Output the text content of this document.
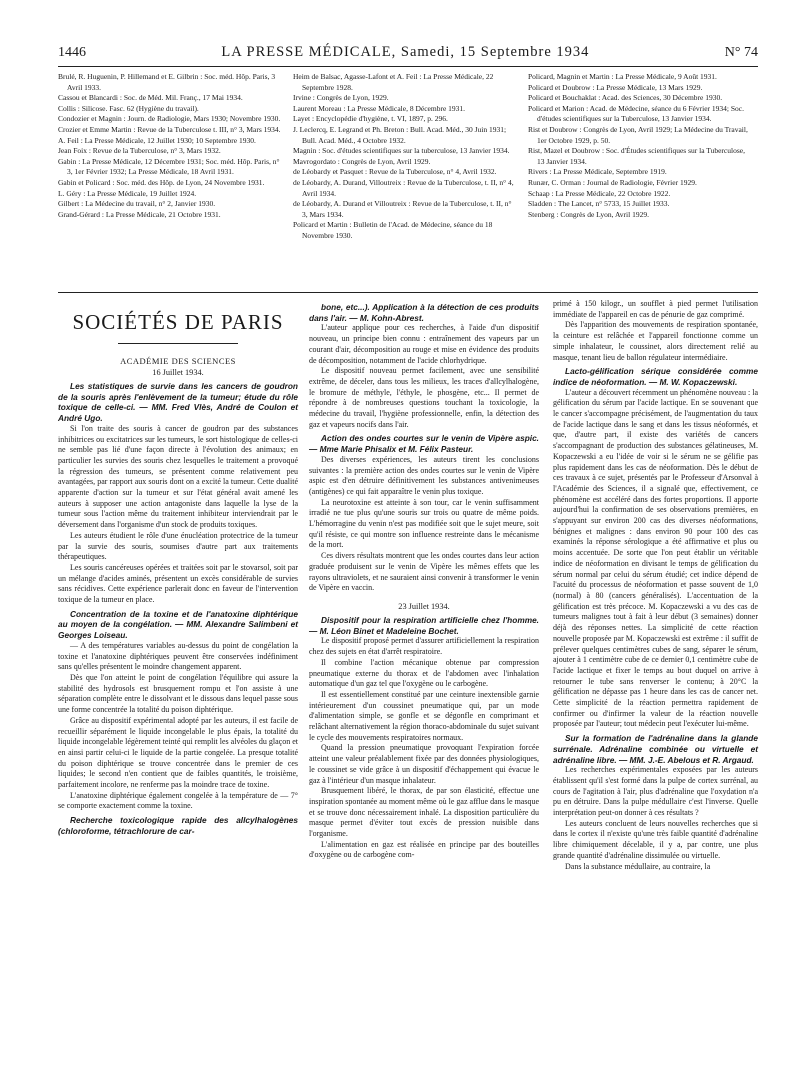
1446	LA PRESSE MÉDICALE, Samedi, 15 Septembre 1934	N° 74
Brulé, R. Huguenin, P. Hillemand et E. Gilbrin : Soc. méd. Hôp. Paris, 3 Avril 1933.
Cassou et Blancardi : Soc. de Méd. Mil. Franç., 17 Mai 1934.
Collis : Silicose. Fasc. 62 (Hygiène du travail).
Condozier et Magnin : Journ. de Radiologie, Mars 1930; Novembre 1930.
Crozier et Emme Martin : Revue de la Tuberculose t. III, n° 3, Mars 1934.
A. Feil : La Presse Médicale, 12 Juillet 1930; 10 Septembre 1930.
Jean Foix : Revue de la Tuberculose, n° 3, Mars 1932.
Gabin : La Presse Médicale, 12 Décembre 1931; Soc. méd. Hôp. Paris, n° 3, 1er Février 1932; La Presse Médicale, 18 Avril 1931.
Gabin et Policard : Soc. méd. des Hôp. de Lyon, 24 Novembre 1931.
L. Géry : La Presse Médicale, 19 Juillet 1924.
Gilbert : La Médecine du travail, n° 2, Janvier 1930.
Grand-Gérard : La Presse Médicale, 21 Octobre 1931.
Heim de Balsac, Agasse-Lafont et A. Feil : La Presse Médicale, 22 Septembre 1928.
Irvine : Congrès de Lyon, 1929.
Laurent Moreau : La Presse Médicale, 8 Décembre 1931.
Layet : Encyclopédie d'hygiène, t. VI, 1897, p. 296.
J. Leclercq, E. Legrand et Ph. Breton : Bull. Acad. Méd., 30 Juin 1931; Bull. Acad. Méd., 4 Octobre 1932.
Magnin : Soc. d'études scientifiques sur la tuberculose, 13 Janvier 1934.
Mavrogordato : Congrès de Lyon, Avril 1929.
de Léobardy et Pasquet : Revue de la Tuberculose, n° 4, Avril 1932.
de Léobardy, A. Durand, Villoutreix : Revue de la Tuberculose, t. II, n° 4, Avril 1934.
de Léobardy, A. Durand et Villoutreix : Revue de la Tuberculose, t. II, n° 3, Mars 1934.
Policard et Martin : Bulletin de l'Acad. de Médecine, séance du 18 Novembre 1930.
Policard, Magnin et Martin : La Presse Médicale, 9 Août 1931.
Policard et Doubrow : La Presse Médicale, 13 Mars 1929.
Policard et Bouchaklat : Acad. des Sciences, 30 Décembre 1930.
Policard et Marion : Acad. de Médecine, séance du 6 Février 1934; Soc. d'études scientifiques sur la Tuberculose, 13 Janvier 1934.
Rist et Doubrow : Congrès de Lyon, Avril 1929; La Médecine du Travail, 1er Octobre 1929, p. 50.
Rist, Mazel et Doubrow : Soc. d'Études scientifiques sur la Tuberculose, 13 Janvier 1934.
Rivers : La Presse Médicale, Septembre 1919.
Runær, C. Orman : Journal de Radiologie, Février 1929.
Schaap : La Presse Médicale, 22 Octobre 1922.
Sladden : The Lancet, n° 5733, 15 Juillet 1933.
Stenberg : Congrès de Lyon, Avril 1929.
SOCIÉTÉS DE PARIS
ACADÉMIE DES SCIENCES
16 Juillet 1934.

Les statistiques de survie dans les cancers de goudron de la souris après l'enlèvement de la tumeur; étude du rôle toxique de celle-ci. — MM. Fred Vlès, André de Coulon et André Ugo.

Si l'on traite des souris à cancer de goudron par des substances inhibitrices ou excitatrices sur les tumeurs, le sort histologique de celles-ci ne semble pas lié d'une façon directe à l'évolution des animaux; en particulier les survies des souris chez lesquelles le traitement a provoqué la régression des tumeurs, se présentent comme relativement peu avantagées, par rapport aux souris dont on a excité la tumeur. Cette dualité apparente d'action sur la tumeur et sur l'état général avait amené les auteurs à supposer une action antagoniste dans laquelle la lyse de la tumeur sous l'action même du traitement inhibiteur interviendrait par le déversement dans l'organisme d'un stock de produits toxiques.

Les auteurs étudient le rôle d'une énucléation protectrice de la tumeur par la survie des souris, soumises d'autre part aux traitements thérapeutiques.

Les souris cancéreuses opérées et traitées soit par le stovarsol, soit par un mélange d'acides aminés, présentent un excès considérable de survies sans récidives. Cette expérience parlerait donc en faveur de l'intervention toxique de la tumeur en place.

Concentration de la toxine et de l'anatoxine diphtérique au moyen de la congélation. — MM. Alexandre Salimbeni et Georges Loiseau.

— A des températures variables au-dessus du point de congélation la toxine et l'anatoxine diphtériques peuvent être conservées indéfiniment sans qu'elles présentent le moindre changement apparent.

Dès que l'on atteint le point de congélation l'équilibre qui assure la stabilité des hydrosols est brusquement rompu et l'on assiste à une séparation complète entre le dissolvant et le dissous dans lequel passe sous une forme concentrée la totalité du poison diphtérique.

Grâce au dispositif expérimental adopté par les auteurs, il est facile de recueillir séparément le liquide incongelable le plus épais, la totalité du liquide incongelable légèrement teinté qui remplit les alvéoles du glaçon et en ainsi partir celui-ci le liquide de la partie congelée. La presque totalité du poison diphtérique se trouve concentrée dans le premier de ces liquides; le second n'en contient que de faibles quantités, le troisième, parfaitement incolore, ne renferme pas la moindre trace de toxine.

L'anatoxine diphtérique également congelée à la température de — 7° se comporte exactement comme la toxine.

Recherche toxicologique rapide des allcylhalogènes (chloroforme, tétrachlorure de car-

bone, etc...). Application à la détection de ces produits dans l'air. — M. Kohn-Abrest.

L'auteur applique pour ces recherches, à l'aide d'un dispositif nouveau, un principe bien connu : entraînement des vapeurs par un courant d'air, décomposition au rouge et mise en évidence des produits de décomposition, notamment de l'acide chlorhydrique.

Le dispositif nouveau permet facilement, avec une sensibilité extrême, de déceler, dans tous les milieux, les traces d'allcylhalogène, le bromure de méthyle, l'éthyle, le phosgène, etc... Il permet de répondre à de nombreuses questions touchant la toxicologie, la médecine du travail, l'hygiène professionnelle, enfin, la détection des gaz et vapeurs nocifs dans l'air.

Action des ondes courtes sur le venin de Vipère aspic. — Mme Marie Phisalix et M. Félix Pasteur.

Des diverses expériences, les auteurs tirent les conclusions suivantes : la première action des ondes courtes sur le venin de Vipère aspic est d'en détruire définitivement les substances antivenimeuses (antigènes) ce qui fait apparaître le venin plus toxique.

La neurotoxine est atteinte à son tour, car le venin suffisamment irradié ne tue plus qu'une souris sur trois ou quatre de même poids. L'hémorragine du venin n'est pas modifiée soit que le sujet meure, soit qu'il résiste, ce qui montre son influence restreinte dans le mécanisme de la mort.

Ces divers résultats montrent que les ondes courtes dans leur action graduée produisent sur le venin de Vipère les mêmes effets que les rayons ultraviolets, et ne sauraient ainsi convenir à transformer le venin de Vipère en vaccin.

23 Juillet 1934.

Dispositif pour la respiration artificielle chez l'homme. — M. Léon Binet et Madeleine Bochet.

Le dispositif proposé permet d'assurer artificiellement la respiration chez des sujets en état d'arrêt respiratoire.

Il combine l'action mécanique obtenue par compression pneumatique externe du thorax et de l'abdomen avec l'inhalation automatique d'un gaz tel que l'oxygène ou le carbogène.

Il est essentiellement constitué par une ceinture inextensible garnie intérieurement d'un coussinet pneumatique qui, par un mode d'alimentation simple, se gonfle et se dégonfle en comprimant et relâchant alternativement la région thoraco-abdominale du sujet suivant le cycle des mouvements respiratoires normaux.

Quand la pression pneumatique provoquant l'expiration forcée atteint une valeur préalablement fixée par des données physiologiques, le coussinet se vide grâce à un dispositif d'échappement qui évacue le gaz à l'intérieur d'un masque inhalateur.

Brusquement libéré, le thorax, de par son élasticité, effectue une inspiration spontanée au moment même où le gaz afflue dans le masque et se trouve donc nécessairement inhalé. La disposition particulière du masque permet d'éviter tout excès de pression nuisible dans l'organisme.

L'alimentation en gaz est réalisée en principe par des bouteilles d'oxygène ou de carbogène com-

primé à 150 kilogr., un soufflet à pied permet l'utilisation immédiate de l'appareil en cas de pénurie de gaz comprimé.

Dès l'apparition des mouvements de respiration spontanée, la ceinture est relâchée et l'appareil fonctionne comme un simple inhalateur, le coussinet, alors directement relié au masque, tenant lieu de ballon régulateur intermédiaire.

Lacto-gélification sérique considérée comme indice de néoformation. — M. W. Kopaczewski.

L'auteur a découvert récemment un phénomène nouveau : la gélification du sérum par l'acide lactique. En se souvenant que le cancer s'accompagne précisément, de l'augmentation du taux de l'acide lactique dans le sang et dans les tissus néoformés, et que, d'autre part, il existe des variétés de cancers s'accompagnant de production des substances gélatineuses, M. Kopaczewski a eu l'idée de voir si le sérum ne se gélifie pas plus rapidement dans les cas de néoformation. Dès le début de ces travaux à ce sujet, présentés par le Professeur d'Arsonval à l'Académie des Sciences, il a signalé que, effectivement, ce phénomène est accéléré dans des fortes proportions. Il apporte aujourd'hui la confirmation de ses observations premières, en s'appuyant sur environ 200 cas des diverses néoformations, bénignes et malignes : dans environ 90 pour 100 des cas examinés la réponse sérologique a été affirmative et plus ou moins accentuée. De sorte que l'on peut établir un véritable indice de néoformation en divisant le temps de gélification du sérum normal par celui du sérum étudié; cet indice dépend de l'acuité du processus de néoformation et passe souvent de 1,0 (normal) à 80 (cancers généralisés). L'accentuation de la gélification est très précoce. M. Kopaczewski a vu des cas de tumeurs malignes tout à fait à leur début (3 semaines) donner déjà des réponses nettes. La simplicité de cette réaction nouvelle proposée par M. Kopaczewski est extrême : il suffit de prélever quelques centimètres cubes de sang, séparer le sérum, ajouter à 1 centimètre cube de ce dernier 0,1 centimètre cube de l'acide lactique et fixer le temps au bout duquel on arrive à retourner le tube sans renverser le contenu; à 20°C la gélification ne dépasse pas 1 heure dans les cas de cancer net. Cette simplicité de la réaction permettra rapidement de confirmer ou d'infirmer la valeur de la réaction nouvelle proposée par l'auteur; tout médecin peut l'exécuter lui-même.

Sur la formation de l'adrénaline dans la glande surrénale. Adrénaline combinée ou virtuelle et adrénaline libre. — MM. J.-E. Abelous et R. Argaud.

Les recherches expérimentales exposées par les auteurs établissent qu'il s'est formé dans la pulpe de cortex surrénal, au cours de l'agitation à l'air, plus d'adrénaline que l'oxydation n'a pu en détruire. Dans la pulpe médullaire c'est l'inverse. Quelle interprétation peut-on donner à ces résultats ?

Les auteurs concluent de leurs nouvelles recherches que si dans le cortex il n'existe qu'une très faible quantité d'adrénaline libre chimiquement décelable, il y a, par contre, une plus grande quantité d'adrénaline dissimulée ou virtuelle.

Dans la substance médullaire, au contraire, la
